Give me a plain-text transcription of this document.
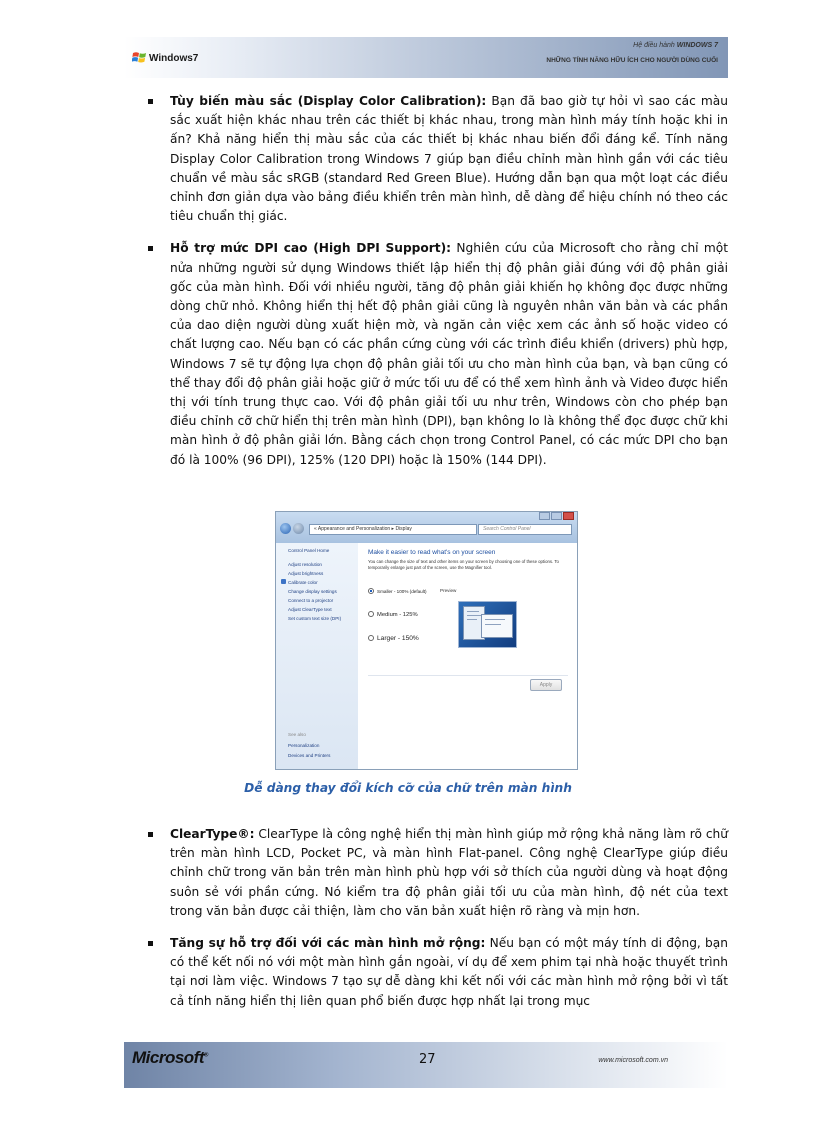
Windows7
Hệ điều hành WINDOWS 7
NHỮNG TÍNH NĂNG HỮU ÍCH CHO NGƯỜI DÙNG CUỐI
Tùy biến màu sắc (Display Color Calibration): Bạn đã bao giờ tự hỏi vì sao các màu sắc xuất hiện khác nhau trên các thiết bị khác nhau, trong màn hình máy tính hoặc khi in ấn? Khả năng hiển thị màu sắc của các thiết bị khác nhau biến đổi đáng kể. Tính năng Display Color Calibration trong Windows 7 giúp bạn điều chỉnh màn hình gần với các tiêu chuẩn về màu sắc sRGB (standard Red Green Blue). Hướng dẫn bạn qua một loạt các điều chỉnh đơn giản dựa vào bảng điều khiển trên màn hình, dễ dàng để hiệu chính nó theo các tiêu chuẩn thị giác.
Hỗ trợ mức DPI cao (High DPI Support): Nghiên cứu của Microsoft cho rằng chỉ một nửa những người sử dụng Windows thiết lập hiển thị độ phân giải đúng với độ phân giải gốc của màn hình. Đối với nhiều người, tăng độ phân giải khiến họ không đọc được những dòng chữ nhỏ. Không hiển thị hết độ phân giải cũng là nguyên nhân văn bản và các phần của dao diện người dùng xuất hiện mờ, và ngăn cản việc xem các ảnh số hoặc video có chất lượng cao. Nếu bạn có các phần cứng cùng với các trình điều khiển (drivers) phù hợp, Windows 7 sẽ tự động lựa chọn độ phân giải tối ưu cho màn hình của bạn, và bạn cũng có thể thay đổi độ phân giải hoặc giữ ở mức tối ưu để có thể xem hình ảnh và Video được hiển thị với tính trung thực cao. Với độ phân giải tối ưu như trên, Windows còn cho phép bạn điều chỉnh cỡ chữ hiển thị trên màn hình (DPI), bạn không lo là không thể đọc được chữ khi màn hình ở độ phân giải lớn. Bằng cách chọn trong Control Panel, có các mức DPI cho bạn đó là 100% (96 DPI), 125% (120 DPI) hoặc là 150% (144 DPI).
« Appearance and Personalization ▸ Display	Search Control Panel
Control Panel Home
Adjust resolution
Adjust brightness
Calibrate color
Change display settings
Connect to a projector
Adjust ClearType text
Set custom text size (DPI)
See also
Personalization
Devices and Printers
Make it easier to read what's on your screen
You can change the size of text and other items on your screen by choosing one of these options. To temporarily enlarge just part of the screen, use the Magnifier tool.
Smaller - 100% (default)	Preview
Medium - 125%
Larger - 150%
Apply
Dễ dàng thay đổi kích cỡ của chữ trên màn hình
ClearType®: ClearType là công nghệ hiển thị màn hình giúp mở rộng khả năng làm rõ chữ trên màn hình LCD, Pocket PC, và màn hình Flat-panel. Công nghệ ClearType giúp điều chỉnh chữ trong văn bản trên màn hình phù hợp với sở thích của người dùng và hoạt động suôn sẻ với phần cứng. Nó kiểm tra độ phân giải tối ưu của màn hình, độ nét của text trong văn bản được cải thiện, làm cho văn bản xuất hiện rõ ràng và mịn hơn.
Tăng sự hỗ trợ đối với các màn hình mở rộng: Nếu bạn có một máy tính di động, bạn có thể kết nối nó với một màn hình gắn ngoài, ví dụ để xem phim tại nhà hoặc thuyết trình tại nơi làm việc. Windows 7 tạo sự dễ dàng khi kết nối với các màn hình mở rộng bởi vì tất cả tính năng hiển thị liên quan phổ biến được hợp nhất lại trong mục
Microsoft®	27	www.microsoft.com.vn
